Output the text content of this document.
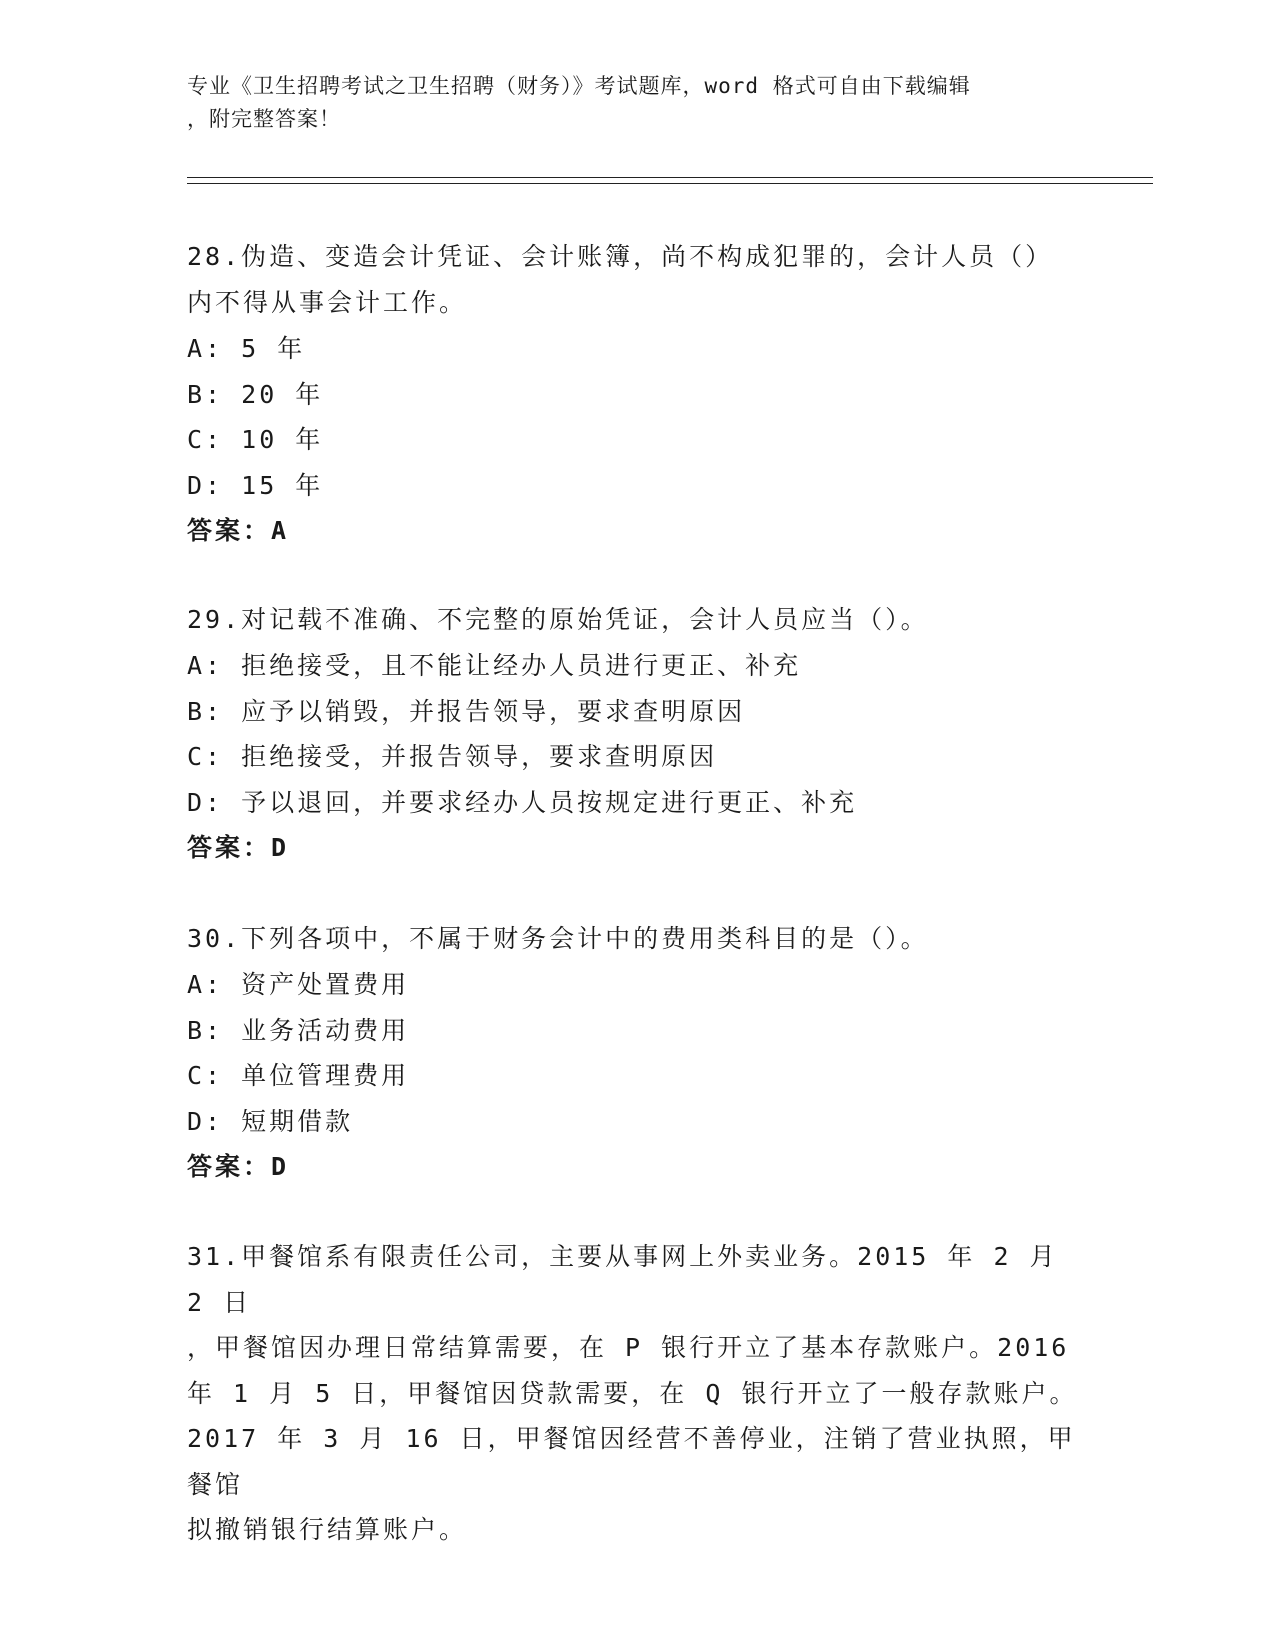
专业《卫生招聘考试之卫生招聘（财务）》考试题库，word 格式可自由下载编辑
，附完整答案！

28.伪造、变造会计凭证、会计账簿，尚不构成犯罪的，会计人员（）

内不得从事会计工作。

A: 5 年

B: 20 年

C: 10 年

D: 15 年

答案：A

29.对记载不准确、不完整的原始凭证，会计人员应当（）。

A: 拒绝接受，且不能让经办人员进行更正、补充

B: 应予以销毁，并报告领导，要求查明原因

C: 拒绝接受，并报告领导，要求查明原因

D: 予以退回，并要求经办人员按规定进行更正、补充

答案：D

30.下列各项中，不属于财务会计中的费用类科目的是（）。

A: 资产处置费用

B: 业务活动费用

C: 单位管理费用

D: 短期借款

答案：D

31.甲餐馆系有限责任公司，主要从事网上外卖业务。2015 年 2 月 2 日

，甲餐馆因办理日常结算需要，在 P 银行开立了基本存款账户。2016

年 1 月 5 日，甲餐馆因贷款需要，在 Q 银行开立了一般存款账户。

2017 年 3 月 16 日，甲餐馆因经营不善停业，注销了营业执照，甲餐馆

拟撤销银行结算账户。
